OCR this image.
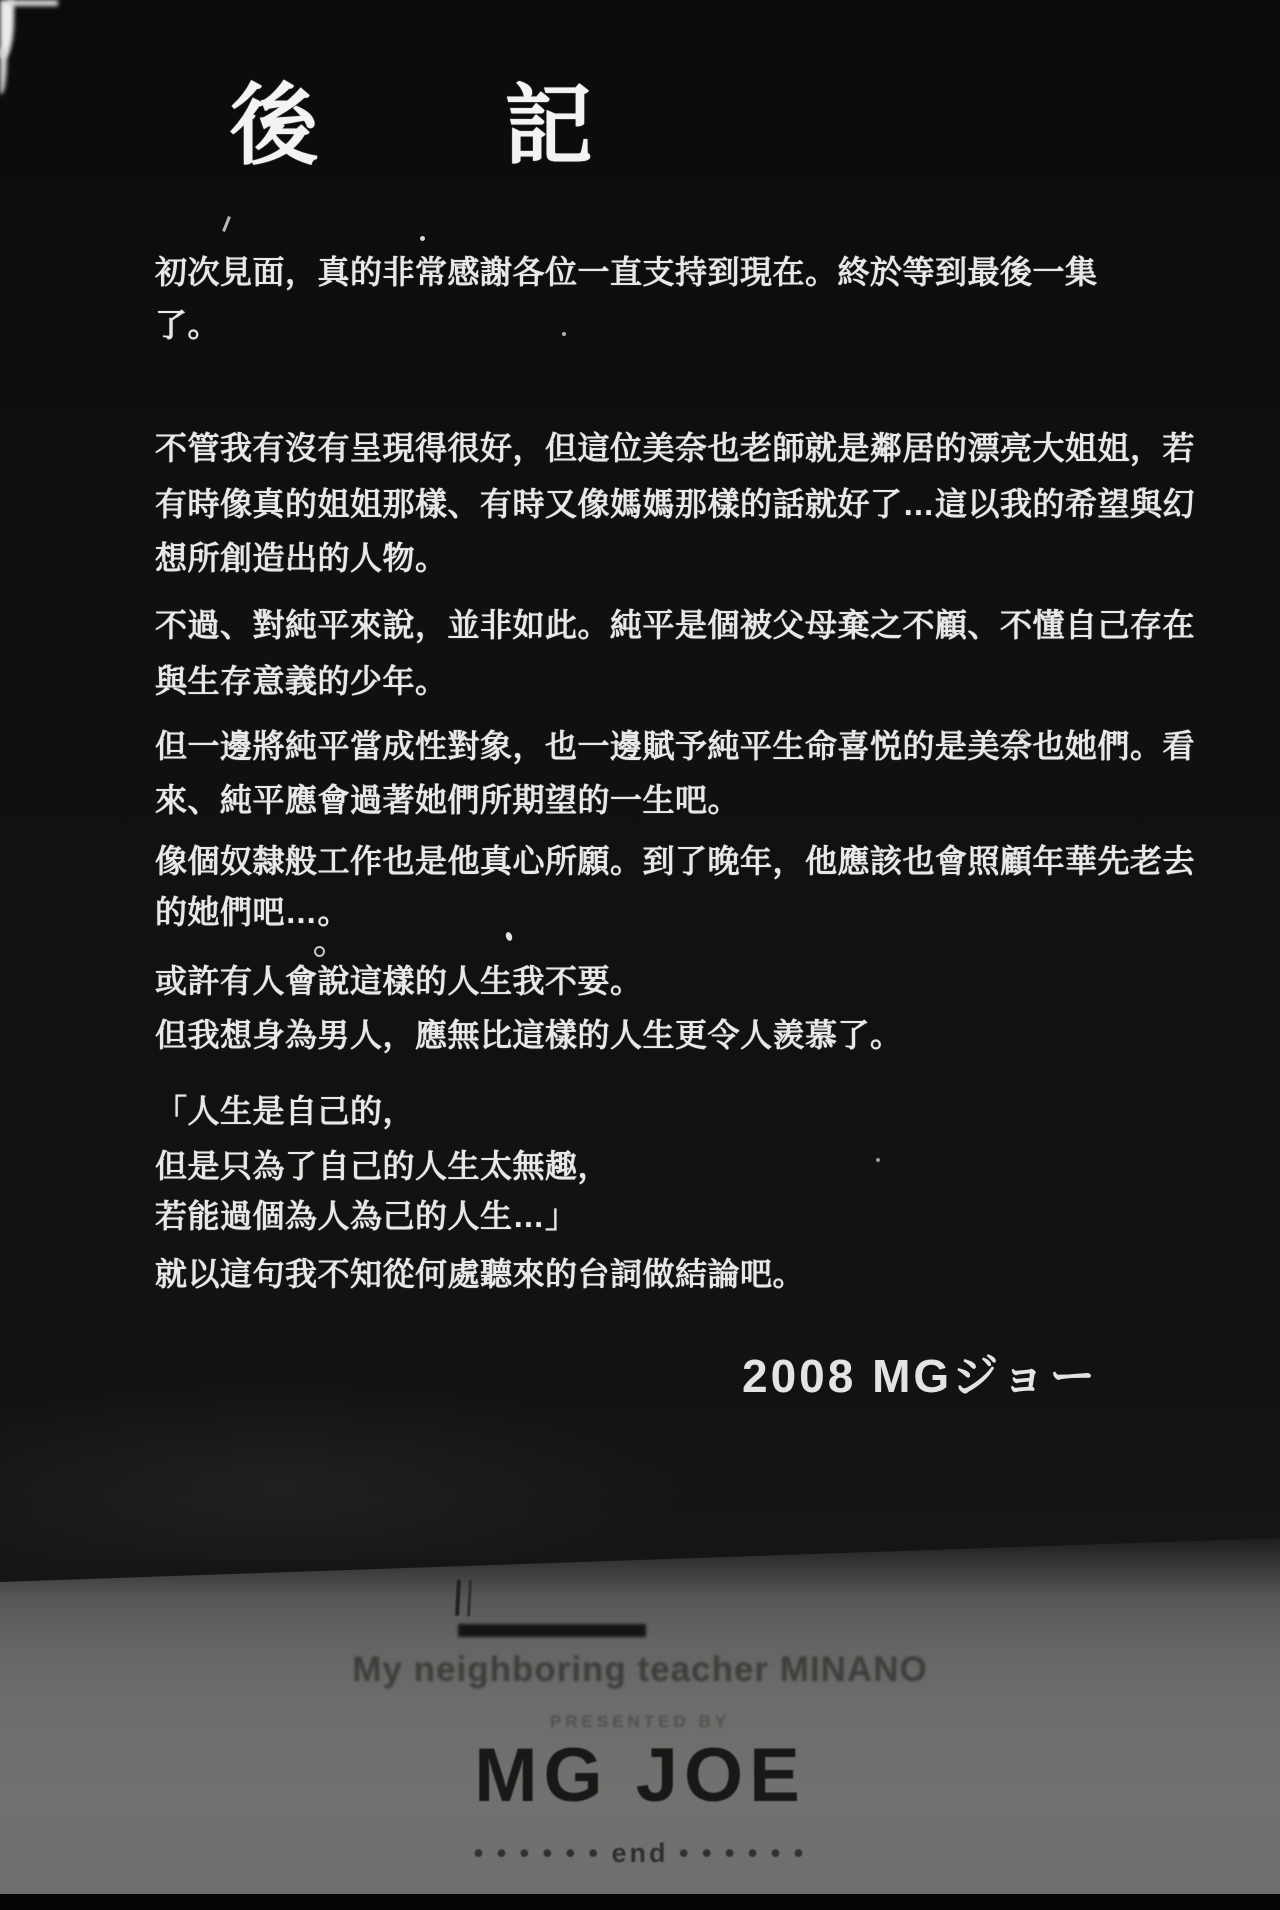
後 記
初次見面，真的非常感謝各位一直支持到現在。終於等到最後一集
了。
不管我有沒有呈現得很好，但這位美奈也老師就是鄰居的漂亮大姐姐，若
有時像真的姐姐那樣、有時又像媽媽那樣的話就好了…這以我的希望與幻
想所創造出的人物。
不過、對純平來說，並非如此。純平是個被父母棄之不顧、不懂自己存在
與生存意義的少年。
但一邊將純平當成性對象，也一邊賦予純平生命喜悦的是美奈也她們。看
來、純平應會過著她們所期望的一生吧。
像個奴隸般工作也是他真心所願。到了晚年，他應該也會照顧年華先老去
的她們吧…。
或許有人會說這樣的人生我不要。
但我想身為男人，應無比這樣的人生更令人羨慕了。
「人生是自己的，
但是只為了自己的人生太無趣，
若能過個為人為己的人生…」
就以這句我不知從何處聽來的台詞做結論吧。
2008 MGジョー
My neighboring teacher MINANO
PRESENTED BY
MG JOE
• • • • • • end • • • • • •
